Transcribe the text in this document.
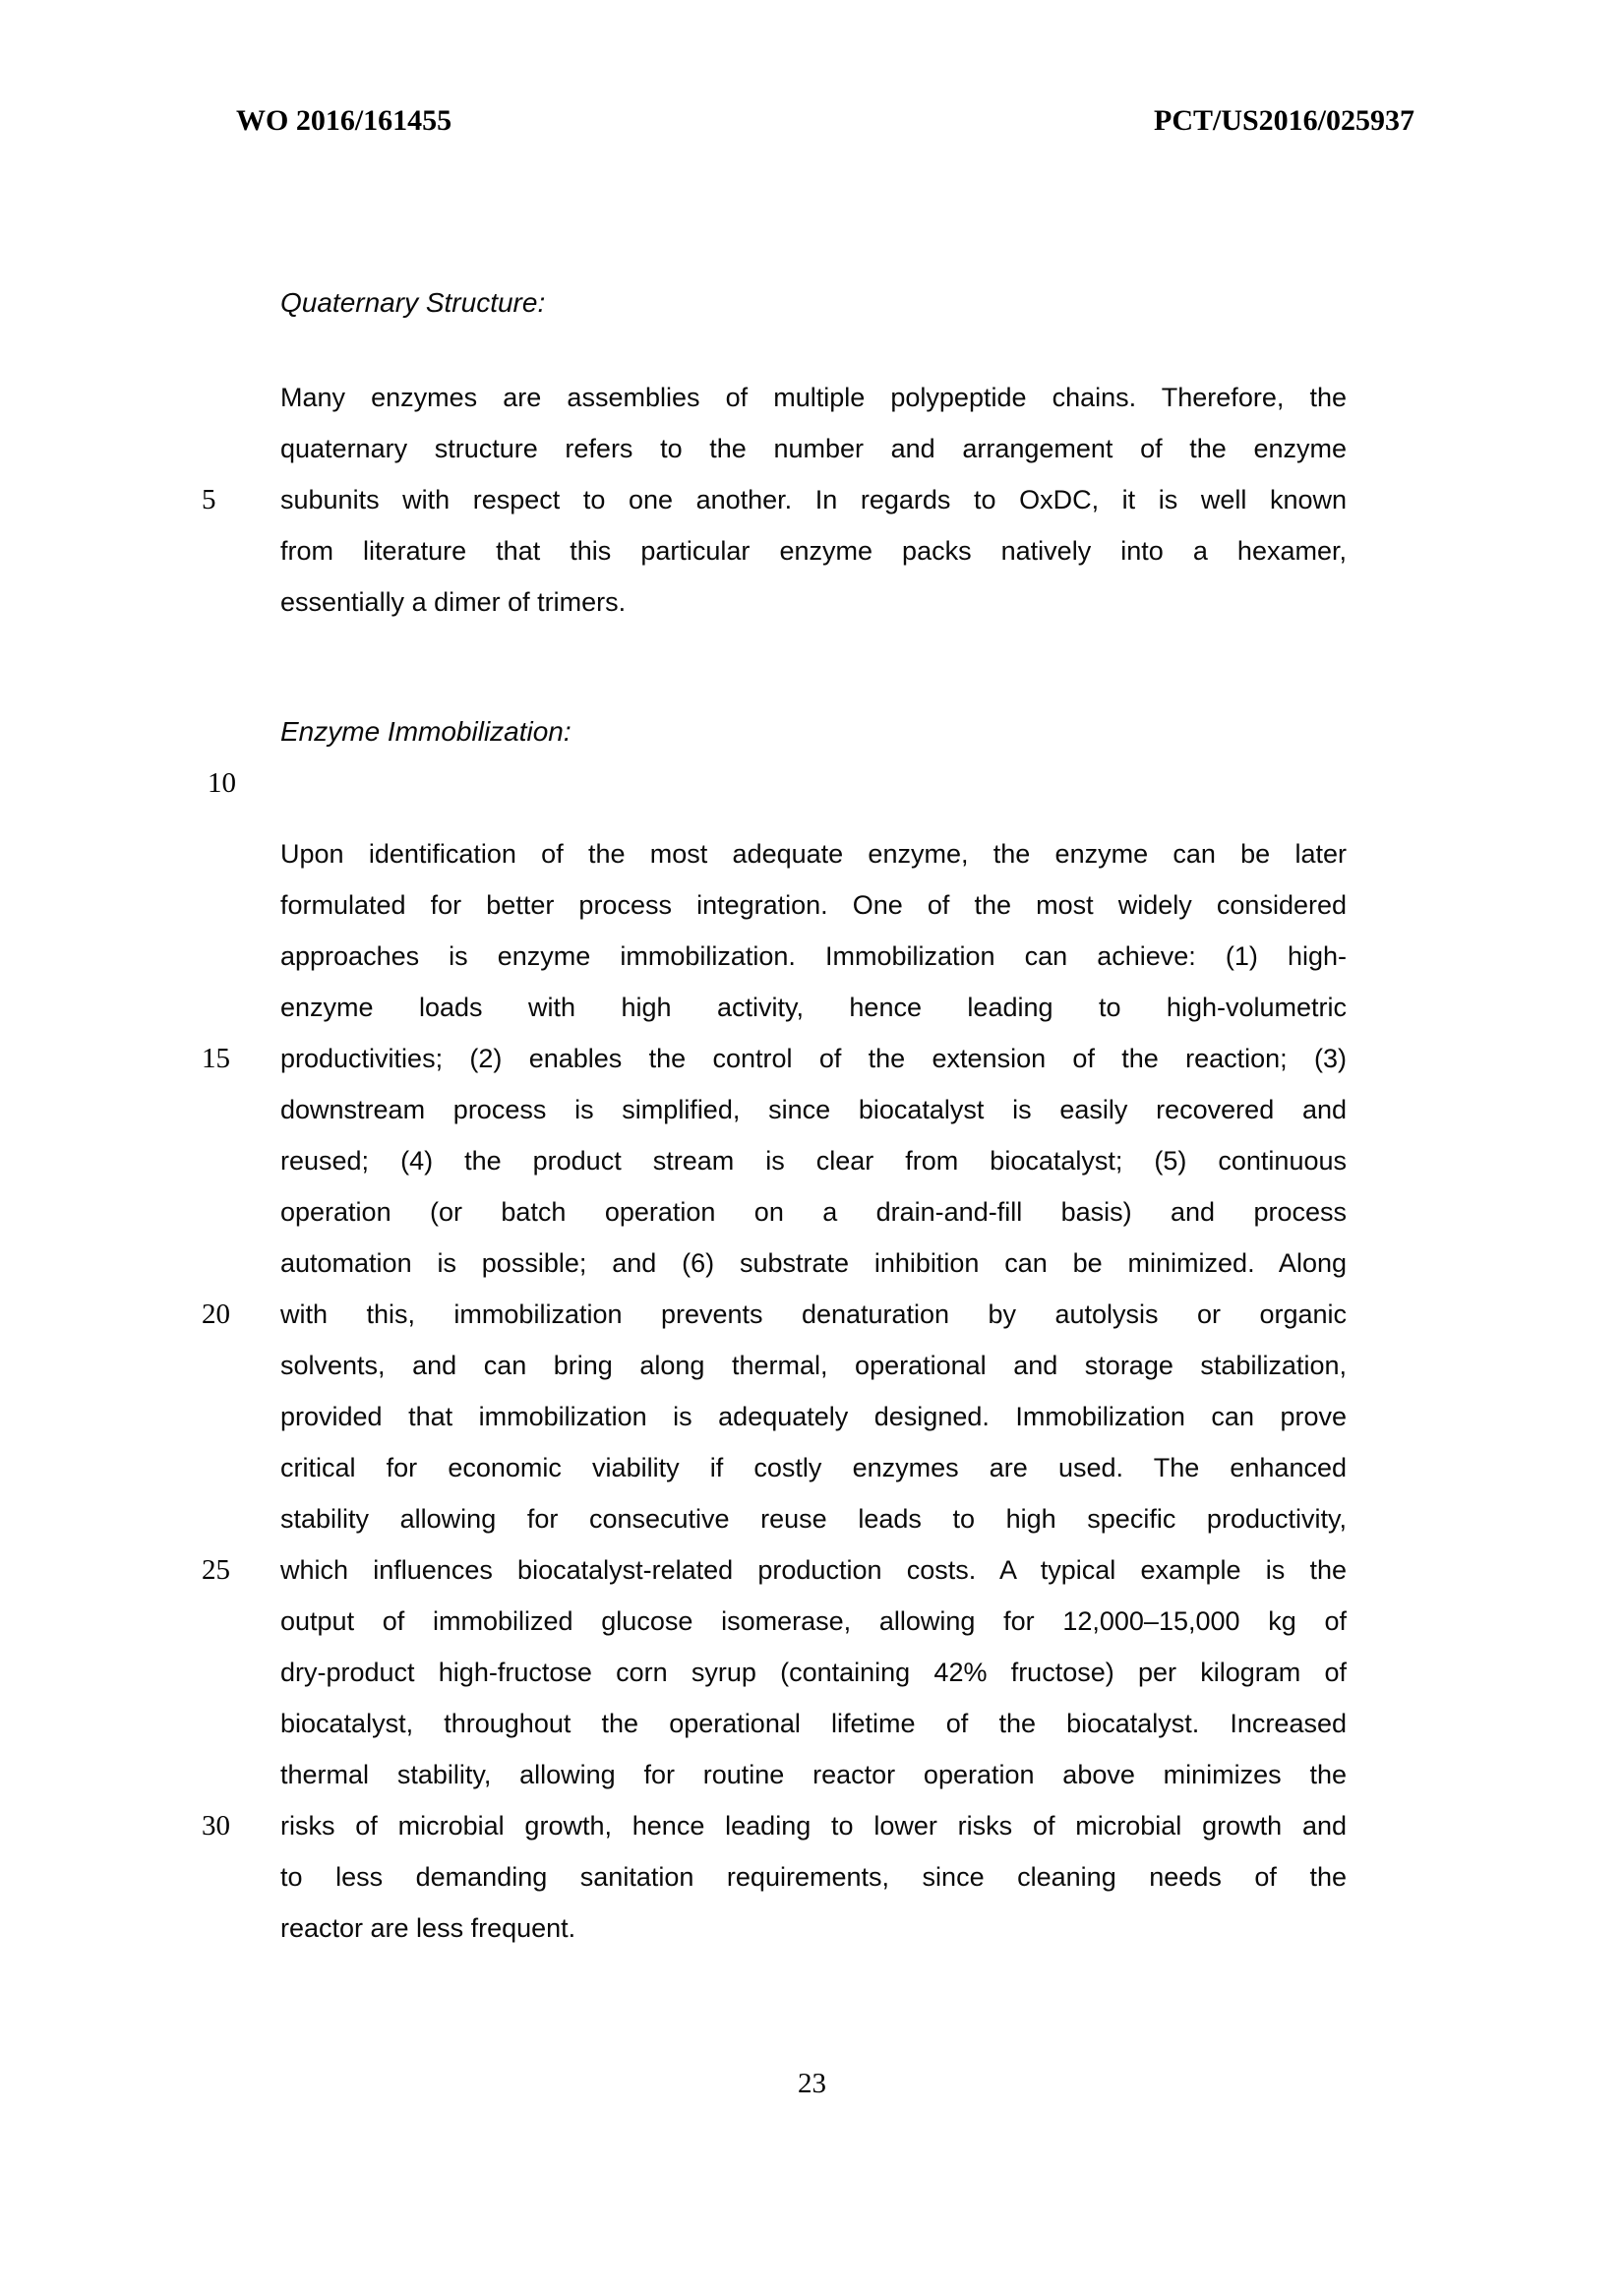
WO 2016/161455	PCT/US2016/025937
Quaternary Structure:
Many enzymes are assemblies of multiple polypeptide chains. Therefore, the
quaternary structure refers to the number and arrangement of the enzyme
5	subunits with respect to one another. In regards to OxDC, it is well known
from literature that this particular enzyme packs natively into a hexamer,
essentially a dimer of trimers.
Enzyme Immobilization:
10
Upon identification of the most adequate enzyme, the enzyme can be later
formulated for better process integration. One of the most widely considered
approaches is enzyme immobilization. Immobilization can achieve: (1) high-
enzyme loads with high activity, hence leading to high-volumetric
15 productivities; (2) enables the control of the extension of the reaction; (3)
downstream process is simplified, since biocatalyst is easily recovered and
reused; (4) the product stream is clear from biocatalyst; (5) continuous
operation (or batch operation on a drain-and-fill basis) and process
automation is possible; and (6) substrate inhibition can be minimized. Along
20 with this, immobilization prevents denaturation by autolysis or organic
solvents, and can bring along thermal, operational and storage stabilization,
provided that immobilization is adequately designed. Immobilization can prove
critical for economic viability if costly enzymes are used. The enhanced
stability allowing for consecutive reuse leads to high specific productivity,
25 which influences biocatalyst-related production costs. A typical example is the
output of immobilized glucose isomerase, allowing for 12,000–15,000 kg of
dry-product high-fructose corn syrup (containing 42% fructose) per kilogram of
biocatalyst, throughout the operational lifetime of the biocatalyst. Increased
thermal stability, allowing for routine reactor operation above minimizes the
30 risks of microbial growth, hence leading to lower risks of microbial growth and
to less demanding sanitation requirements, since cleaning needs of the
reactor are less frequent.
23
